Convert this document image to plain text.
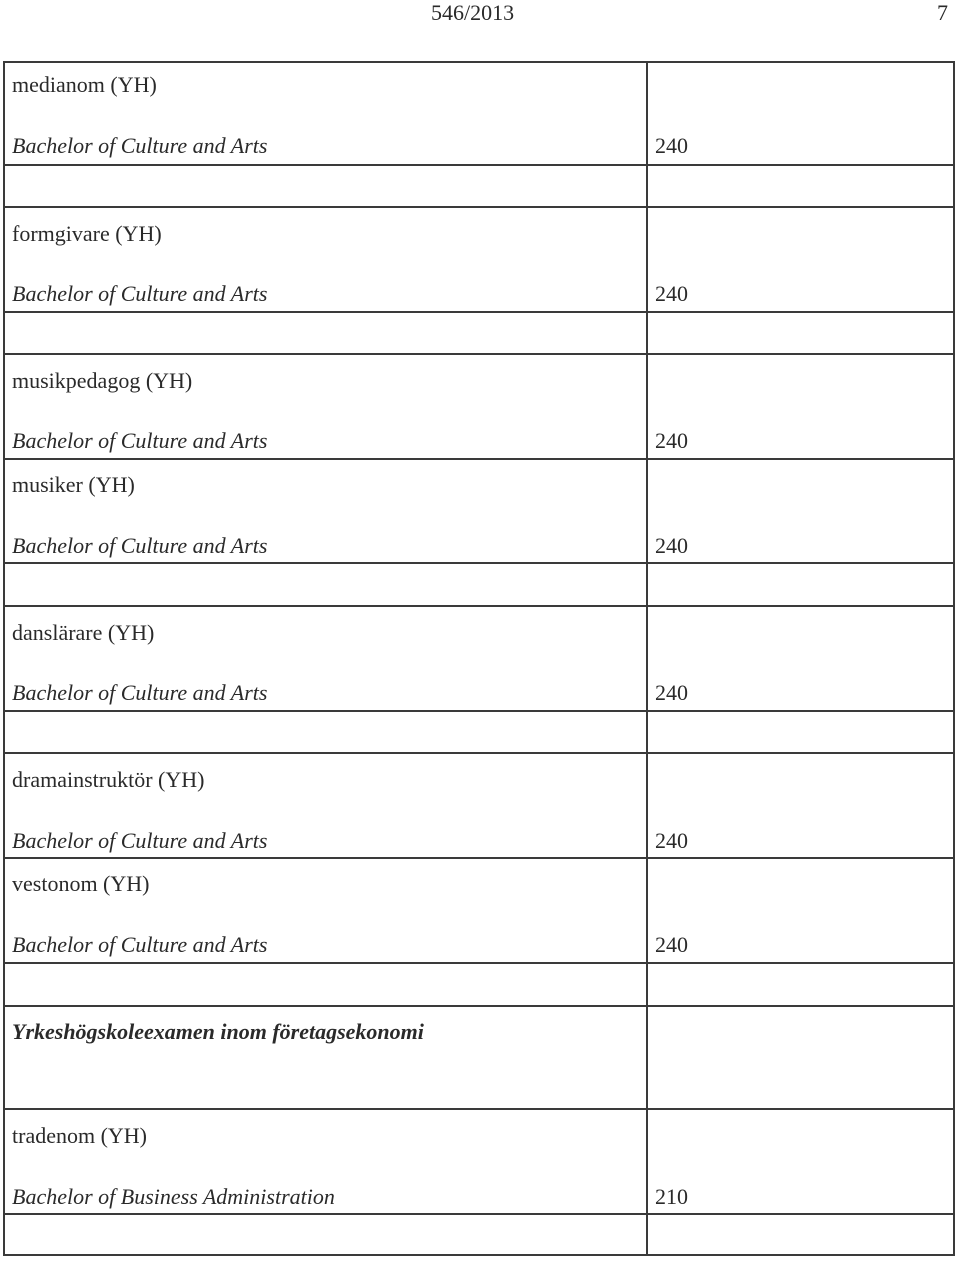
546/2013	7
medianom (YH)
Bachelor of Culture and Arts	240
formgivare (YH)
Bachelor of Culture and Arts	240
musikpedagog (YH)
Bachelor of Culture and Arts	240
musiker (YH)
Bachelor of Culture and Arts	240
danslärare (YH)
Bachelor of Culture and Arts	240
dramainstruktör (YH)
Bachelor of Culture and Arts	240
vestonom (YH)
Bachelor of Culture and Arts	240
Yrkeshögskoleexamen inom företagsekonomi
tradenom (YH)
Bachelor of Business Administration	210
